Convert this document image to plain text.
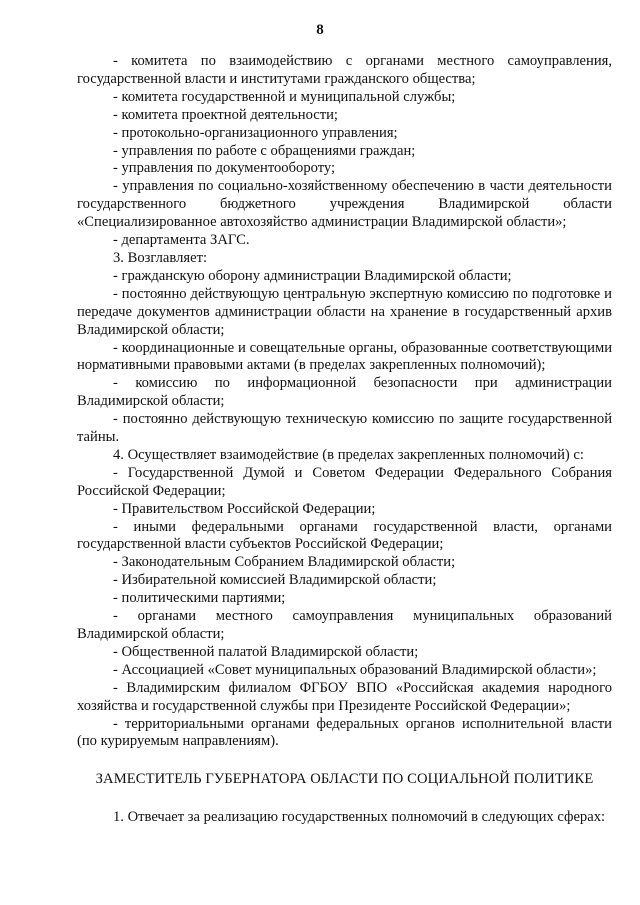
8

- комитета по взаимодействию с органами местного самоуправления, государственной власти и институтами гражданского общества;

- комитета государственной и муниципальной службы;

- комитета проектной деятельности;

- протокольно-организационного управления;

- управления по работе с обращениями граждан;

- управления по документообороту;

- управления по социально-хозяйственному обеспечению в части деятельности государственного бюджетного учреждения Владимирской области «Специализированное автохозяйство администрации Владимирской области»;

- департамента ЗАГС.

3. Возглавляет:

- гражданскую оборону администрации Владимирской области;

- постоянно действующую центральную экспертную комиссию по подготовке и передаче документов администрации области на хранение в государственный архив Владимирской области;

- координационные и совещательные органы, образованные соответствующими нормативными правовыми актами (в пределах закрепленных полномочий);

- комиссию по информационной безопасности при администрации Владимирской области;

- постоянно действующую техническую комиссию по защите государственной тайны.

4. Осуществляет взаимодействие (в пределах закрепленных полномочий) с:

- Государственной Думой и Советом Федерации Федерального Собрания Российской Федерации;

- Правительством Российской Федерации;

- иными федеральными органами государственной власти, органами государственной власти субъектов Российской Федерации;

- Законодательным Собранием Владимирской области;

- Избирательной комиссией Владимирской области;

- политическими партиями;

- органами местного самоуправления муниципальных образований Владимирской области;

- Общественной палатой Владимирской области;

- Ассоциацией «Совет муниципальных образований Владимирской области»;

- Владимирским филиалом ФГБОУ ВПО «Российская академия народного хозяйства и государственной службы при Президенте Российской Федерации»;

- территориальными органами федеральных органов исполнительной власти (по курируемым направлениям).

ЗАМЕСТИТЕЛЬ ГУБЕРНАТОРА ОБЛАСТИ ПО СОЦИАЛЬНОЙ ПОЛИТИКЕ

1. Отвечает за реализацию государственных полномочий в следующих сферах:
